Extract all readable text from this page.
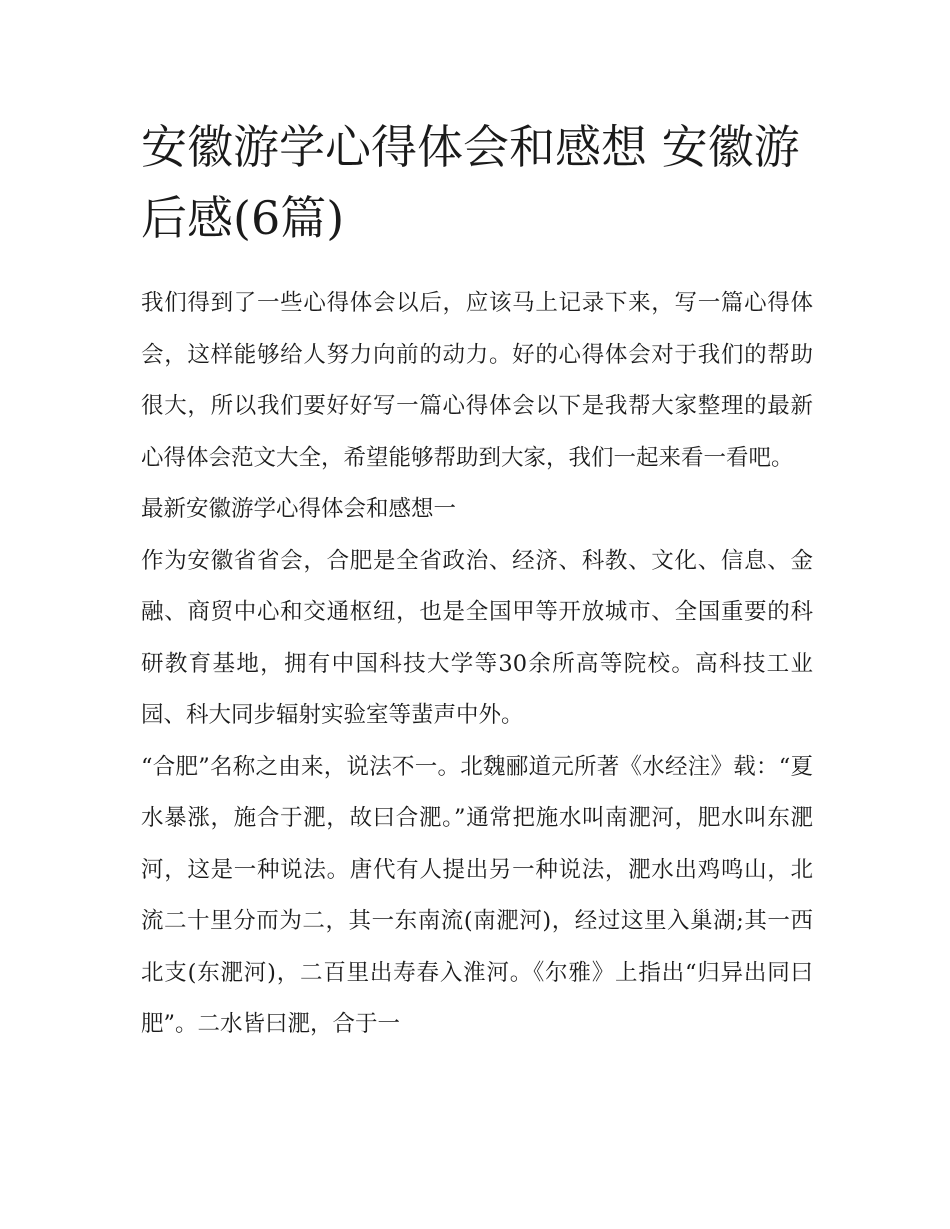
安徽游学心得体会和感想 安徽游后感(6篇)

我们得到了一些心得体会以后，应该马上记录下来，写一篇心得体会，这样能够给人努力向前的动力。好的心得体会对于我们的帮助很大，所以我们要好好写一篇心得体会以下是我帮大家整理的最新心得体会范文大全，希望能够帮助到大家，我们一起来看一看吧。

最新安徽游学心得体会和感想一

作为安徽省省会，合肥是全省政治、经济、科教、文化、信息、金融、商贸中心和交通枢纽，也是全国甲等开放城市、全国重要的科研教育基地，拥有中国科技大学等30余所高等院校。高科技工业园、科大同步辐射实验室等蜚声中外。

“合肥”名称之由来，说法不一。北魏郦道元所著《水经注》载：“夏水暴涨，施合于淝，故曰合淝。”通常把施水叫南淝河，肥水叫东淝河，这是一种说法。唐代有人提出另一种说法，淝水出鸡鸣山，北流二十里分而为二，其一东南流(南淝河)，经过这里入巢湖;其一西北支(东淝河)，二百里出寿春入淮河。《尔雅》上指出“归异出同曰肥”。二水皆曰淝，合于一
